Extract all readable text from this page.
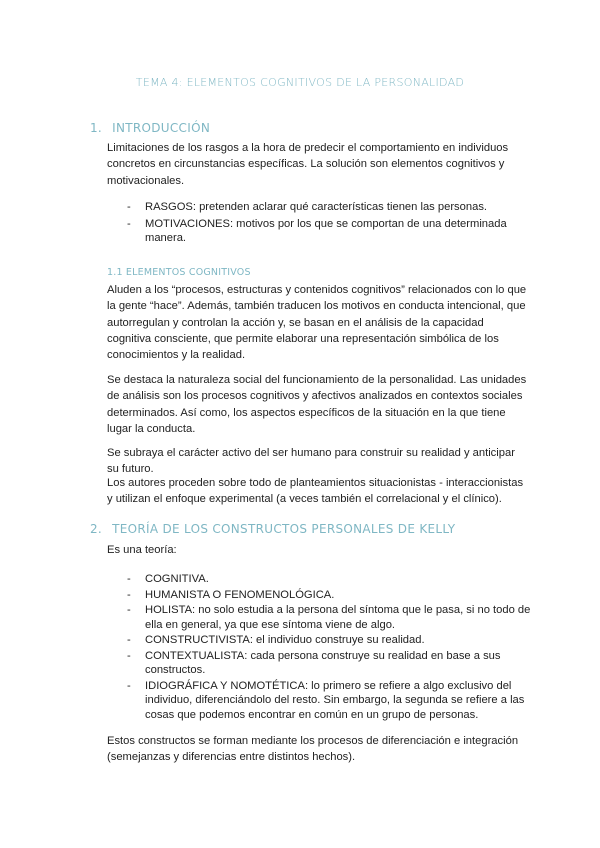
TEMA 4: ELEMENTOS COGNITIVOS DE LA PERSONALIDAD
1. INTRODUCCIÓN
Limitaciones de los rasgos a la hora de predecir el comportamiento en individuos concretos en circunstancias específicas. La solución son elementos cognitivos y motivacionales.
- RASGOS: pretenden aclarar qué características tienen las personas.
- MOTIVACIONES: motivos por los que se comportan de una determinada manera.
1.1 ELEMENTOS COGNITIVOS
Aluden a los “procesos, estructuras y contenidos cognitivos” relacionados con lo que la gente “hace”. Además, también traducen los motivos en conducta intencional, que autorregulan y controlan la acción y, se basan en el análisis de la capacidad cognitiva consciente, que permite elaborar una representación simbólica de los conocimientos y la realidad.
Se destaca la naturaleza social del funcionamiento de la personalidad. Las unidades de análisis son los procesos cognitivos y afectivos analizados en contextos sociales determinados. Así como, los aspectos específicos de la situación en la que tiene lugar la conducta.
Se subraya el carácter activo del ser humano para construir su realidad y anticipar su futuro.
Los autores proceden sobre todo de planteamientos situacionistas - interaccionistas y utilizan el enfoque experimental (a veces también el correlacional y el clínico).
2. TEORÍA DE LOS CONSTRUCTOS PERSONALES DE KELLY
Es una teoría:
- COGNITIVA.
- HUMANISTA O FENOMENOLÓGICA.
- HOLISTA: no solo estudia a la persona del síntoma que le pasa, si no todo de ella en general, ya que ese síntoma viene de algo.
- CONSTRUCTIVISTA: el individuo construye su realidad.
- CONTEXTUALISTA: cada persona construye su realidad en base a sus constructos.
- IDIOGRÁFICA Y NOMOTÉTICA: lo primero se refiere a algo exclusivo del individuo, diferenciándolo del resto. Sin embargo, la segunda se refiere a las cosas que podemos encontrar en común en un grupo de personas.
Estos constructos se forman mediante los procesos de diferenciación e integración (semejanzas y diferencias entre distintos hechos).
